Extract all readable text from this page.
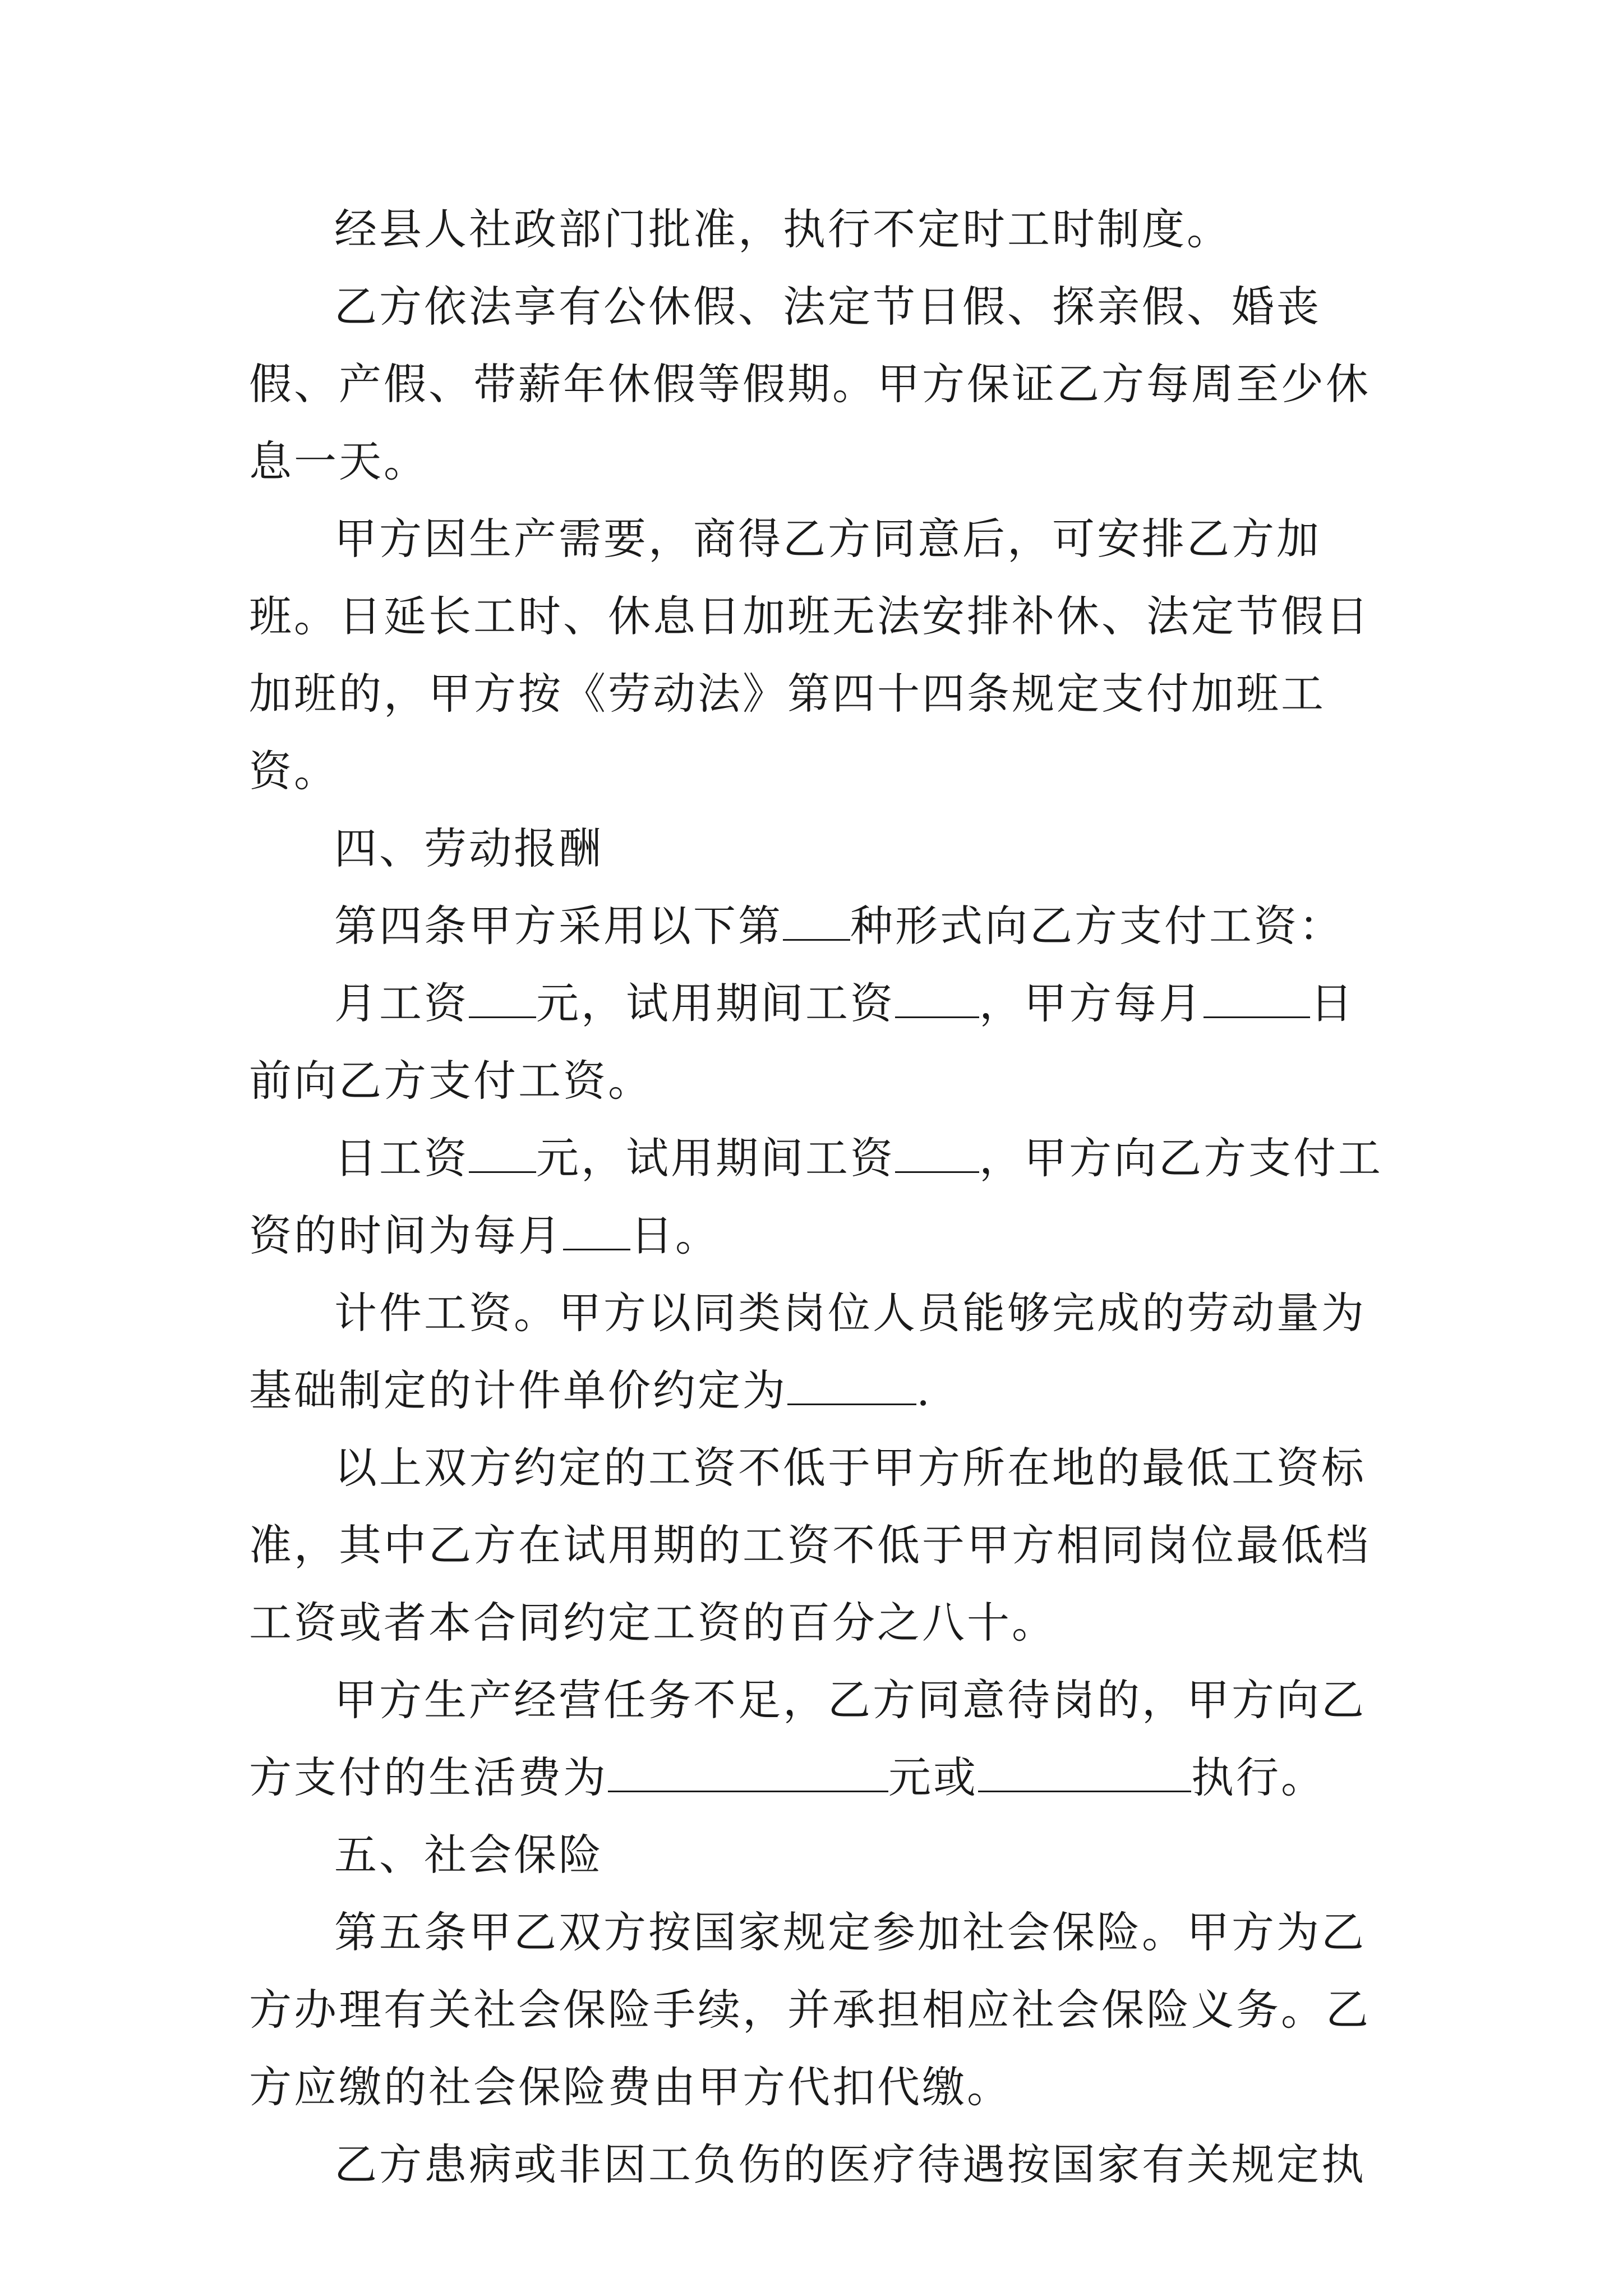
经县人社政部门批准，执行不定时工时制度。

乙方依法享有公休假、法定节日假、探亲假、婚丧假、产假、带薪年休假等假期。甲方保证乙方每周至少休息一天。

甲方因生产需要，商得乙方同意后，可安排乙方加班。日延长工时、休息日加班无法安排补休、法定节假日加班的，甲方按《劳动法》第四十四条规定支付加班工资。

四、劳动报酬

第四条甲方采用以下第 种形式向乙方支付工资：

月工资 元，试用期间工资 ，甲方每月	日前向乙方支付工资。

日工资 元，试用期间工资 ，甲方向乙方支付工资的时间为每月 日。

计件工资。甲方以同类岗位人员能够完成的劳动量为基础制定的计件单价约定为	.

以上双方约定的工资不低于甲方所在地的最低工资标准，其中乙方在试用期的工资不低于甲方相同岗位最低档工资或者本合同约定工资的百分之八十。

甲方生产经营任务不足，乙方同意待岗的，甲方向乙方支付的生活费为	元或	执行。

五、社会保险

第五条甲乙双方按国家规定参加社会保险。甲方为乙方办理有关社会保险手续，并承担相应社会保险义务。乙方应缴的社会保险费由甲方代扣代缴。

乙方患病或非因工负伤的医疗待遇按国家有关规定执
